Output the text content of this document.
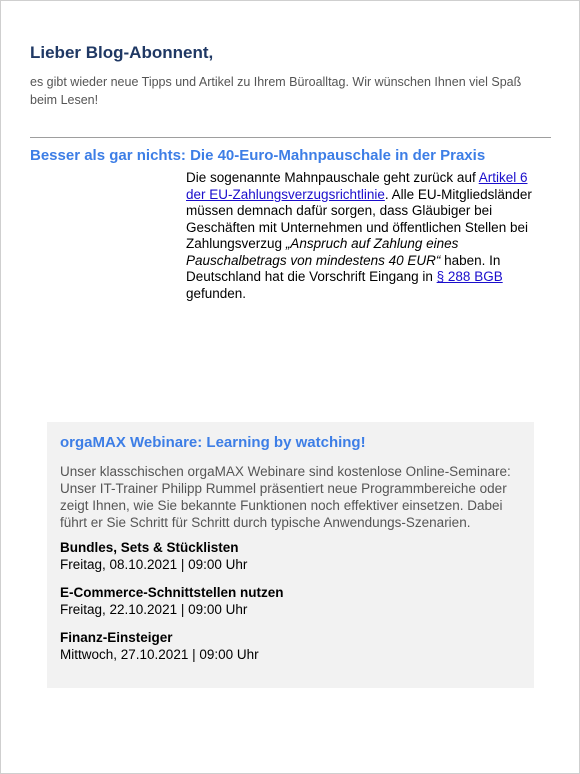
Lieber Blog-Abonnent,

es gibt wieder neue Tipps und Artikel zu Ihrem Büroalltag. Wir wünschen Ihnen viel Spaß beim Lesen!

Besser als gar nichts: Die 40-Euro-Mahnpauschale in der Praxis

Die sogenannte Mahnpauschale geht zurück auf Artikel 6 der EU-Zahlungsverzugsrichtlinie. Alle EU-Mitgliedsländer müssen demnach dafür sorgen, dass Gläubiger bei Geschäften mit Unternehmen und öffentlichen Stellen bei Zahlungsverzug „Anspruch auf Zahlung eines Pauschalbetrags von mindestens 40 EUR“ haben. In Deutschland hat die Vorschrift Eingang in § 288 BGB gefunden.

orgaMAX Webinare: Learning by watching!

Unser klasschischen orgaMAX Webinare sind kostenlose Online-Seminare: Unser IT-Trainer Philipp Rummel präsentiert neue Programmbereiche oder zeigt Ihnen, wie Sie bekannte Funktionen noch effektiver einsetzen. Dabei führt er Sie Schritt für Schritt durch typische Anwendungs-Szenarien.

Bundles, Sets & Stücklisten
Freitag, 08.10.2021 | 09:00 Uhr
E-Commerce-Schnittstellen nutzen
Freitag, 22.10.2021 | 09:00 Uhr
Finanz-Einsteiger
Mittwoch, 27.10.2021 | 09:00 Uhr
